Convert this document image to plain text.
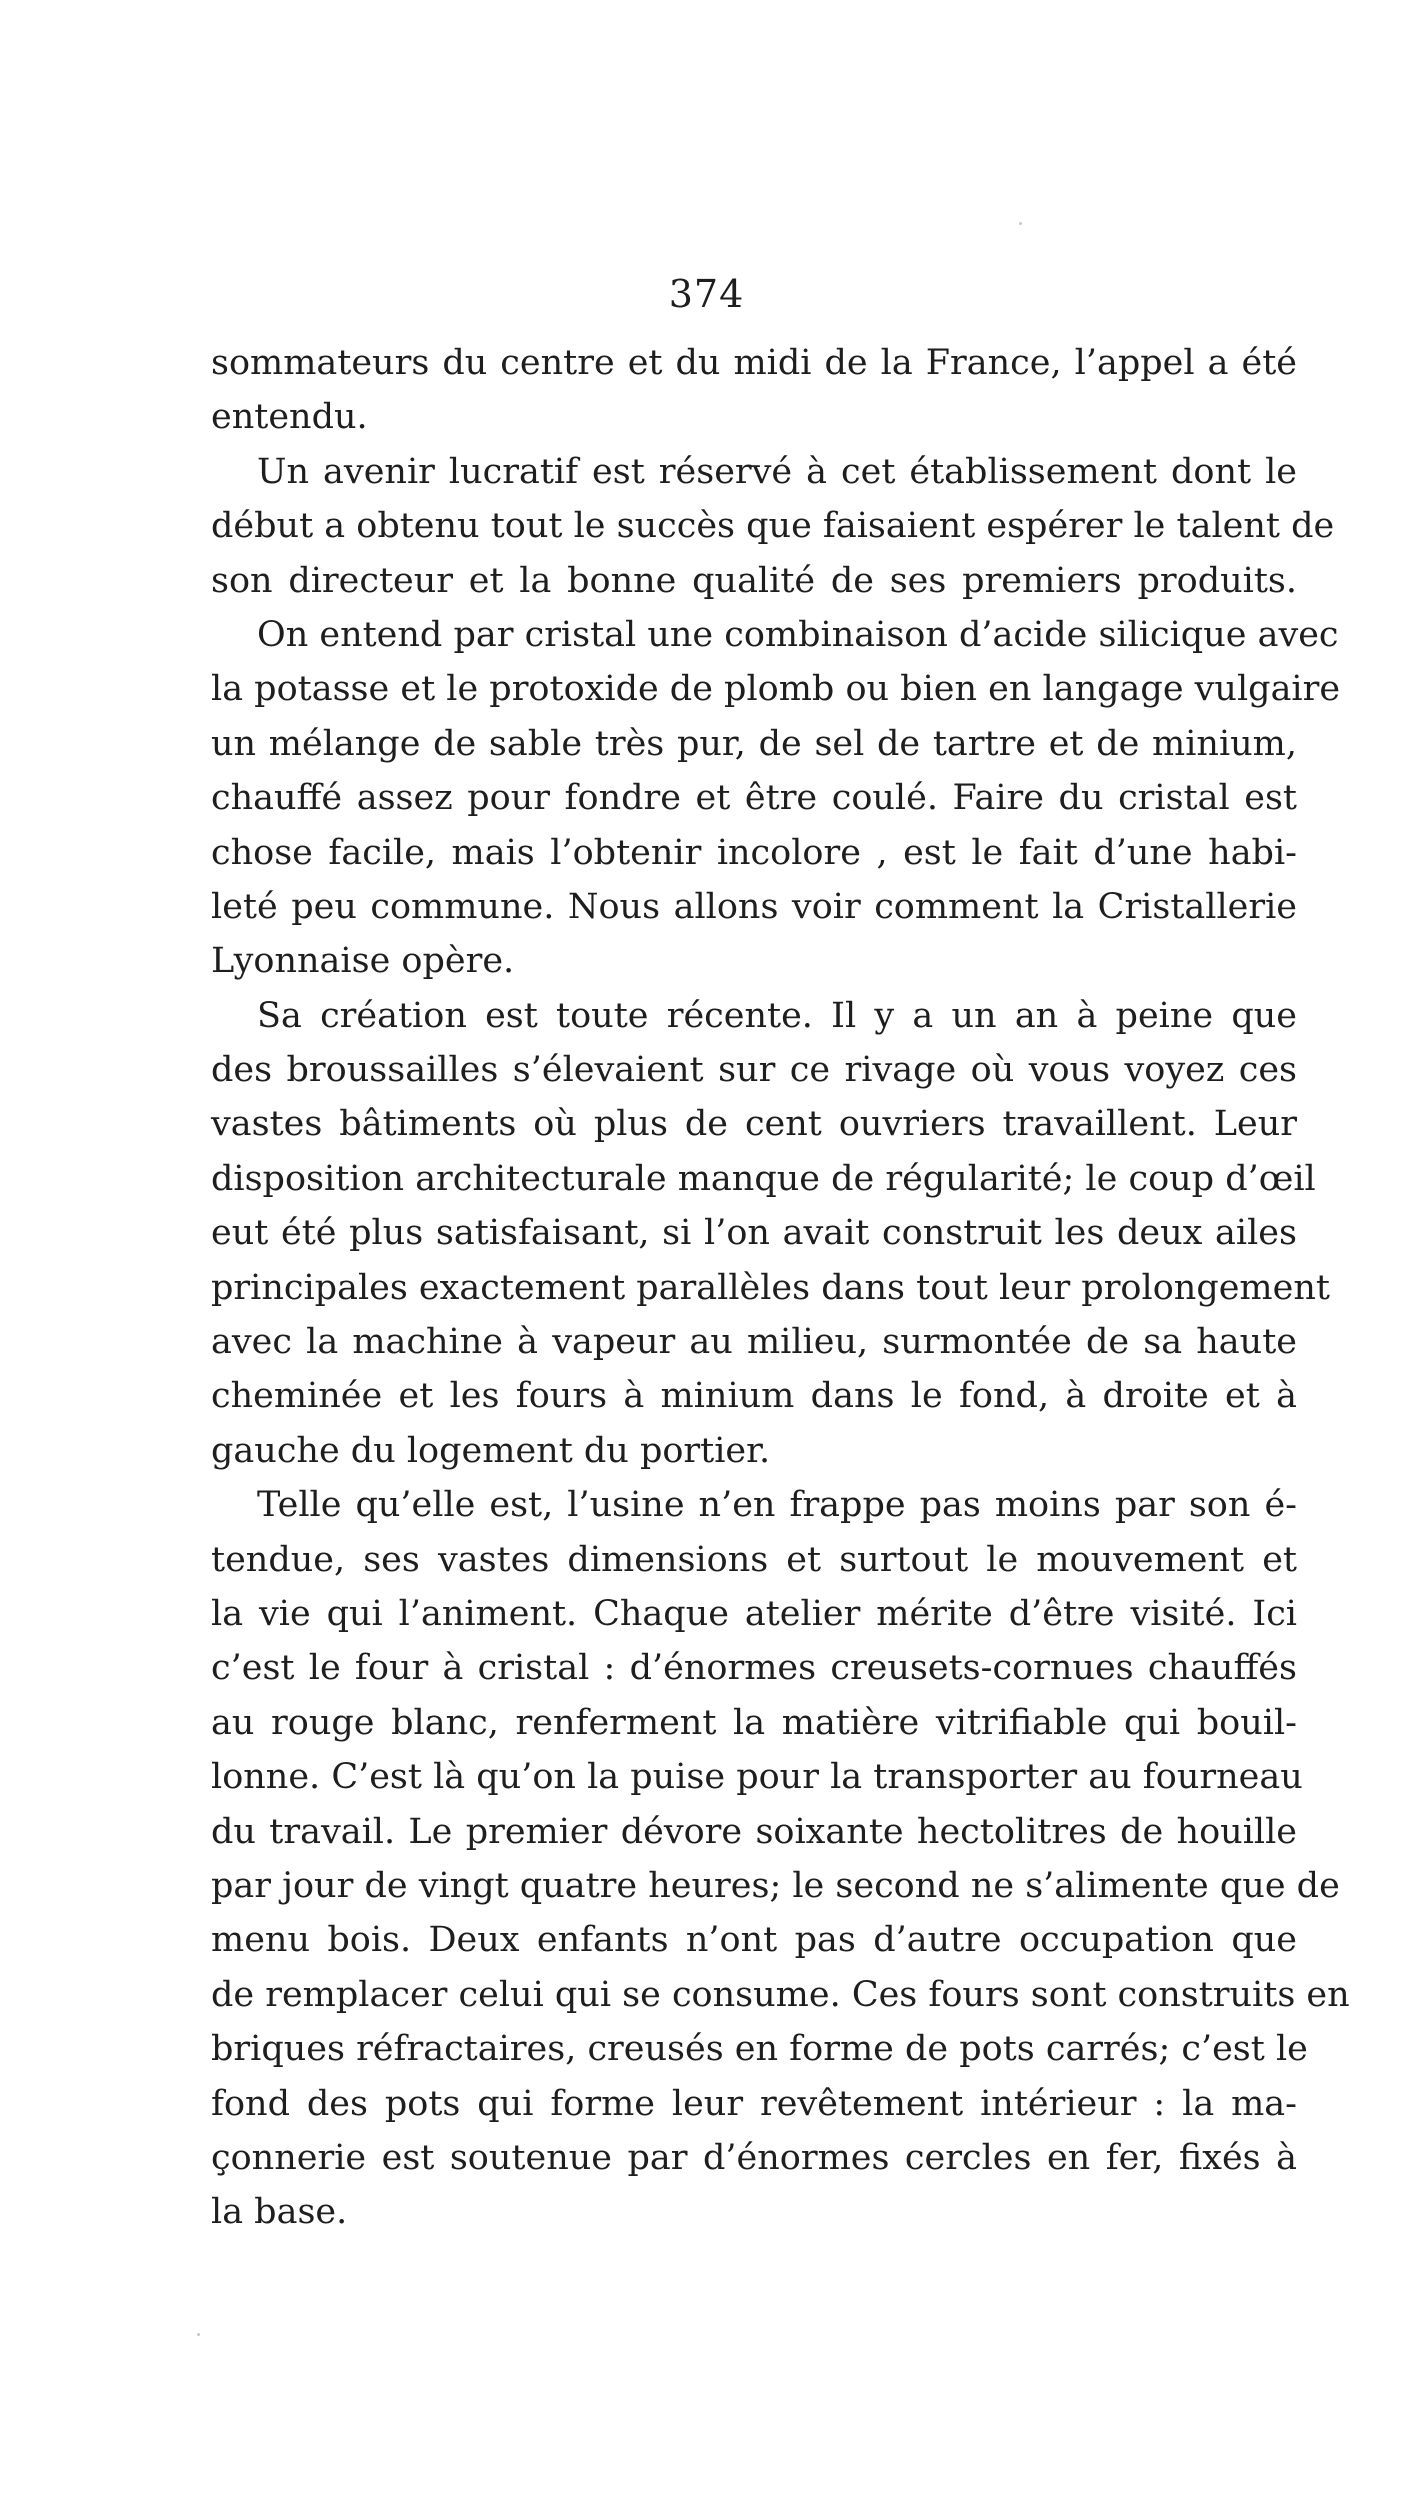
374
sommateurs du centre et du midi de la France, l’appel a été
entendu.
Un avenir lucratif est réservé à cet établissement dont le
début a obtenu tout le succès que faisaient espérer le talent de
son directeur et la bonne qualité de ses premiers produits.
On entend par cristal une combinaison d’acide silicique avec
la potasse et le protoxide de plomb ou bien en langage vulgaire
un mélange de sable très pur, de sel de tartre et de minium,
chauffé assez pour fondre et être coulé. Faire du cristal est
chose facile, mais l’obtenir incolore , est le fait d’une habi-
leté peu commune. Nous allons voir comment la Cristallerie
Lyonnaise opère.
Sa création est toute récente. Il y a un an à peine que
des broussailles s’élevaient sur ce rivage où vous voyez ces
vastes bâtiments où plus de cent ouvriers travaillent. Leur
disposition architecturale manque de régularité; le coup d’œil
eut été plus satisfaisant, si l’on avait construit les deux ailes
principales exactement parallèles dans tout leur prolongement
avec la machine à vapeur au milieu, surmontée de sa haute
cheminée et les fours à minium dans le fond, à droite et à
gauche du logement du portier.
Telle qu’elle est, l’usine n’en frappe pas moins par son é-
tendue, ses vastes dimensions et surtout le mouvement et
la vie qui l’animent. Chaque atelier mérite d’être visité. Ici
c’est le four à cristal : d’énormes creusets-cornues chauffés
au rouge blanc, renferment la matière vitrifiable qui bouil-
lonne. C’est là qu’on la puise pour la transporter au fourneau
du travail. Le premier dévore soixante hectolitres de houille
par jour de vingt quatre heures; le second ne s’alimente que de
menu bois. Deux enfants n’ont pas d’autre occupation que
de remplacer celui qui se consume. Ces fours sont construits en
briques réfractaires, creusés en forme de pots carrés; c’est le
fond des pots qui forme leur revêtement intérieur : la ma-
çonnerie est soutenue par d’énormes cercles en fer, fixés à
la base.
